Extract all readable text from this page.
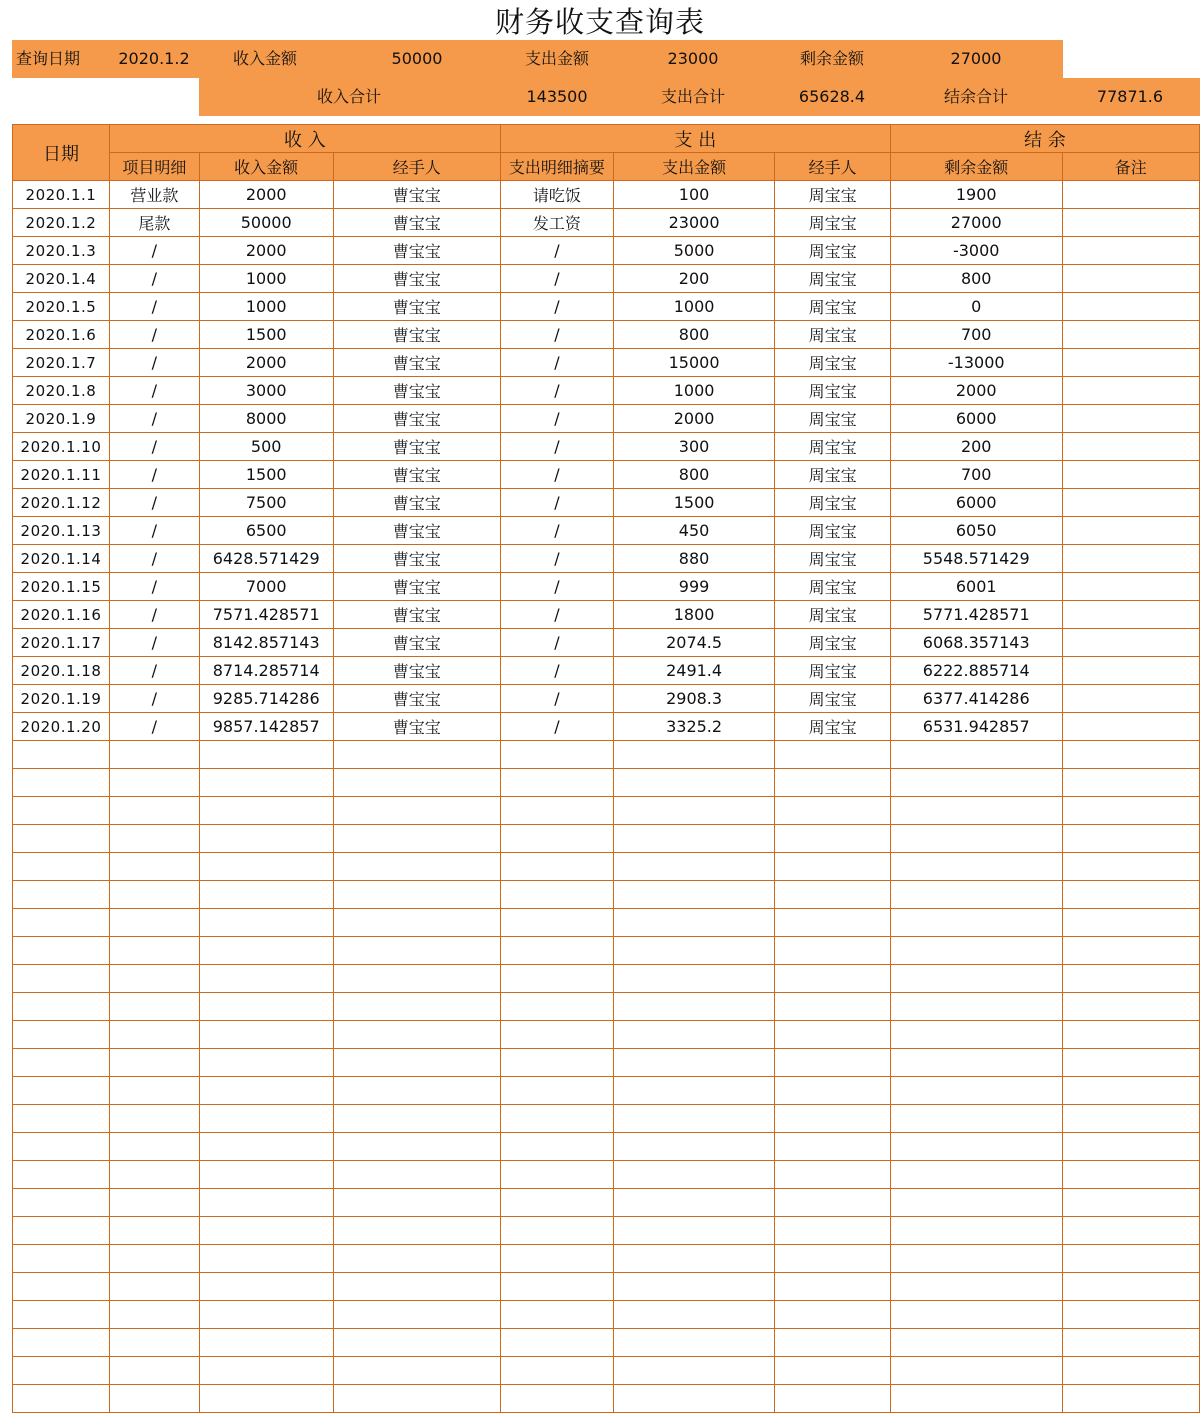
财务收支查询表
查询日期	2020.1.2	收入金额	50000	支出金额	23000	剩余金额	27000
收入合计	143500	支出合计	65628.4	结余合计	77871.6
日期	收 入			支 出			结 余	
	项目明细	收入金额	经手人	支出明细摘要	支出金额	经手人	剩余金额	备注
2020.1.1	营业款	2000	曹宝宝	请吃饭	100	周宝宝	1900	
2020.1.2	尾款	50000	曹宝宝	发工资	23000	周宝宝	27000	
2020.1.3	/	2000	曹宝宝	/	5000	周宝宝	-3000	
2020.1.4	/	1000	曹宝宝	/	200	周宝宝	800	
2020.1.5	/	1000	曹宝宝	/	1000	周宝宝	0	
2020.1.6	/	1500	曹宝宝	/	800	周宝宝	700	
2020.1.7	/	2000	曹宝宝	/	15000	周宝宝	-13000	
2020.1.8	/	3000	曹宝宝	/	1000	周宝宝	2000	
2020.1.9	/	8000	曹宝宝	/	2000	周宝宝	6000	
2020.1.10	/	500	曹宝宝	/	300	周宝宝	200	
2020.1.11	/	1500	曹宝宝	/	800	周宝宝	700	
2020.1.12	/	7500	曹宝宝	/	1500	周宝宝	6000	
2020.1.13	/	6500	曹宝宝	/	450	周宝宝	6050	
2020.1.14	/	6428.571429	曹宝宝	/	880	周宝宝	5548.571429	
2020.1.15	/	7000	曹宝宝	/	999	周宝宝	6001	
2020.1.16	/	7571.428571	曹宝宝	/	1800	周宝宝	5771.428571	
2020.1.17	/	8142.857143	曹宝宝	/	2074.5	周宝宝	6068.357143	
2020.1.18	/	8714.285714	曹宝宝	/	2491.4	周宝宝	6222.885714	
2020.1.19	/	9285.714286	曹宝宝	/	2908.3	周宝宝	6377.414286	
2020.1.20	/	9857.142857	曹宝宝	/	3325.2	周宝宝	6531.942857	
